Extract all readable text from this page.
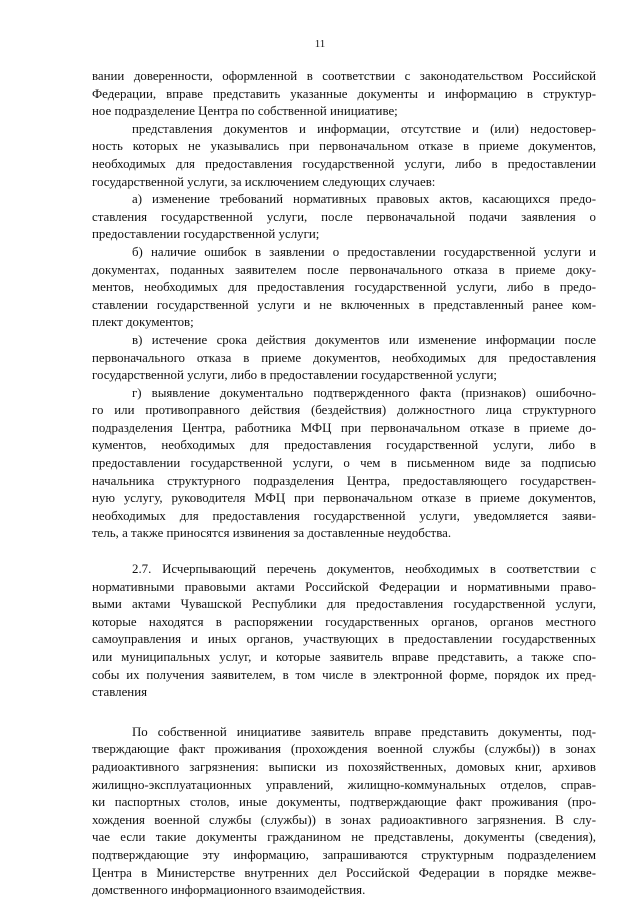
11
вании доверенности, оформленной в соответствии с законодательством Российской
Федерации, вправе представить указанные документы и информацию в структур-
ное подразделение Центра по собственной инициативе;
представления документов и информации, отсутствие и (или) недостовер-
ность которых не указывались при первоначальном отказе в приеме документов,
необходимых для предоставления государственной услуги, либо в предоставлении
государственной услуги, за исключением следующих случаев:
а) изменение требований нормативных правовых актов, касающихся предо-
ставления государственной услуги, после первоначальной подачи заявления о
предоставлении государственной услуги;
б) наличие ошибок в заявлении о предоставлении государственной услуги и
документах, поданных заявителем после первоначального отказа в приеме доку-
ментов, необходимых для предоставления государственной услуги, либо в предо-
ставлении государственной услуги и не включенных в представленный ранее ком-
плект документов;
в) истечение срока действия документов или изменение информации после
первоначального отказа в приеме документов, необходимых для предоставления
государственной услуги, либо в предоставлении государственной услуги;
г) выявление документально подтвержденного факта (признаков) ошибочно-
го или противоправного действия (бездействия) должностного лица структурного
подразделения Центра, работника МФЦ при первоначальном отказе в приеме до-
кументов, необходимых для предоставления государственной услуги, либо в
предоставлении государственной услуги, о чем в письменном виде за подписью
начальника структурного подразделения Центра, предоставляющего государствен-
ную услугу, руководителя МФЦ при первоначальном отказе в приеме документов,
необходимых для предоставления государственной услуги, уведомляется заяви-
тель, а также приносятся извинения за доставленные неудобства.
2.7. Исчерпывающий перечень документов, необходимых в соответствии с
нормативными правовыми актами Российской Федерации и нормативными право-
выми актами Чувашской Республики для предоставления государственной услуги,
которые находятся в распоряжении государственных органов, органов местного
самоуправления и иных органов, участвующих в предоставлении государственных
или муниципальных услуг, и которые заявитель вправе представить, а также спо-
собы их получения заявителем, в том числе в электронной форме, порядок их пред-
ставления
По собственной инициативе заявитель вправе представить документы, под-
тверждающие факт проживания (прохождения военной службы (службы)) в зонах
радиоактивного загрязнения: выписки из похозяйственных, домовых книг, архивов
жилищно-эксплуатационных управлений, жилищно-коммунальных отделов, справ-
ки паспортных столов, иные документы, подтверждающие факт проживания (про-
хождения военной службы (службы)) в зонах радиоактивного загрязнения. В слу-
чае если такие документы гражданином не представлены, документы (сведения),
подтверждающие эту информацию, запрашиваются структурным подразделением
Центра в Министерстве внутренних дел Российской Федерации в порядке межве-
домственного информационного взаимодействия.
